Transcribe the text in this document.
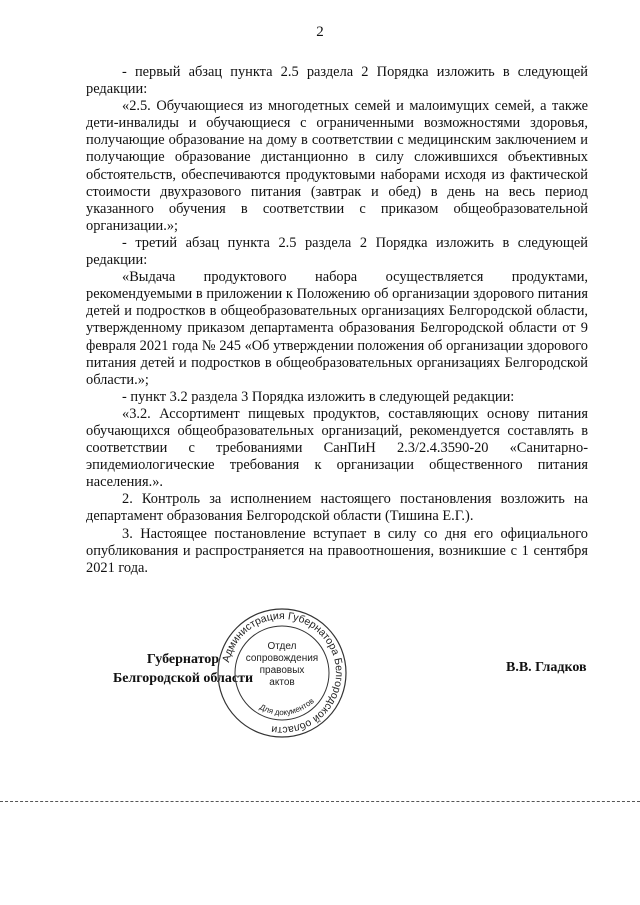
2

- первый абзац пункта 2.5 раздела 2 Порядка изложить в следующей редакции:

«2.5. Обучающиеся из многодетных семей и малоимущих семей, а также дети-инвалиды и обучающиеся с ограниченными возможностями здоровья, получающие образование на дому в соответствии с медицинским заключением и получающие образование дистанционно в силу сложившихся объективных обстоятельств, обеспечиваются продуктовыми наборами исходя из фактической стоимости двухразового питания (завтрак и обед) в день на весь период указанного обучения в соответствии с приказом общеобразовательной организации.»;

- третий абзац пункта 2.5 раздела 2 Порядка изложить в следующей редакции:

«Выдача продуктового набора осуществляется продуктами, рекомендуемыми в приложении к Положению об организации здорового питания детей и подростков в общеобразовательных организациях Белгородской области, утвержденному приказом департамента образования Белгородской области от 9 февраля 2021 года № 245 «Об утверждении положения об организации здорового питания детей и подростков в общеобразовательных организациях Белгородской области.»;

- пункт 3.2 раздела 3 Порядка изложить в следующей редакции:

«3.2. Ассортимент пищевых продуктов, составляющих основу питания обучающихся общеобразовательных организаций, рекомендуется составлять в соответствии с требованиями СанПиН 2.3/2.4.3590-20 «Санитарно-эпидемиологические требования к организации общественного питания населения.».

2. Контроль за исполнением настоящего постановления возложить на департамент образования Белгородской области (Тишина Е.Г.).

3. Настоящее постановление вступает в силу со дня его официального опубликования и распространяется на правоотношения, возникшие с 1 сентября 2021 года.

Губернатор
Белгородской области
Администрация Губернатора Белгородской области
Для документов
Отдел
сопровождения
правовых
актов
В.В. Гладков
